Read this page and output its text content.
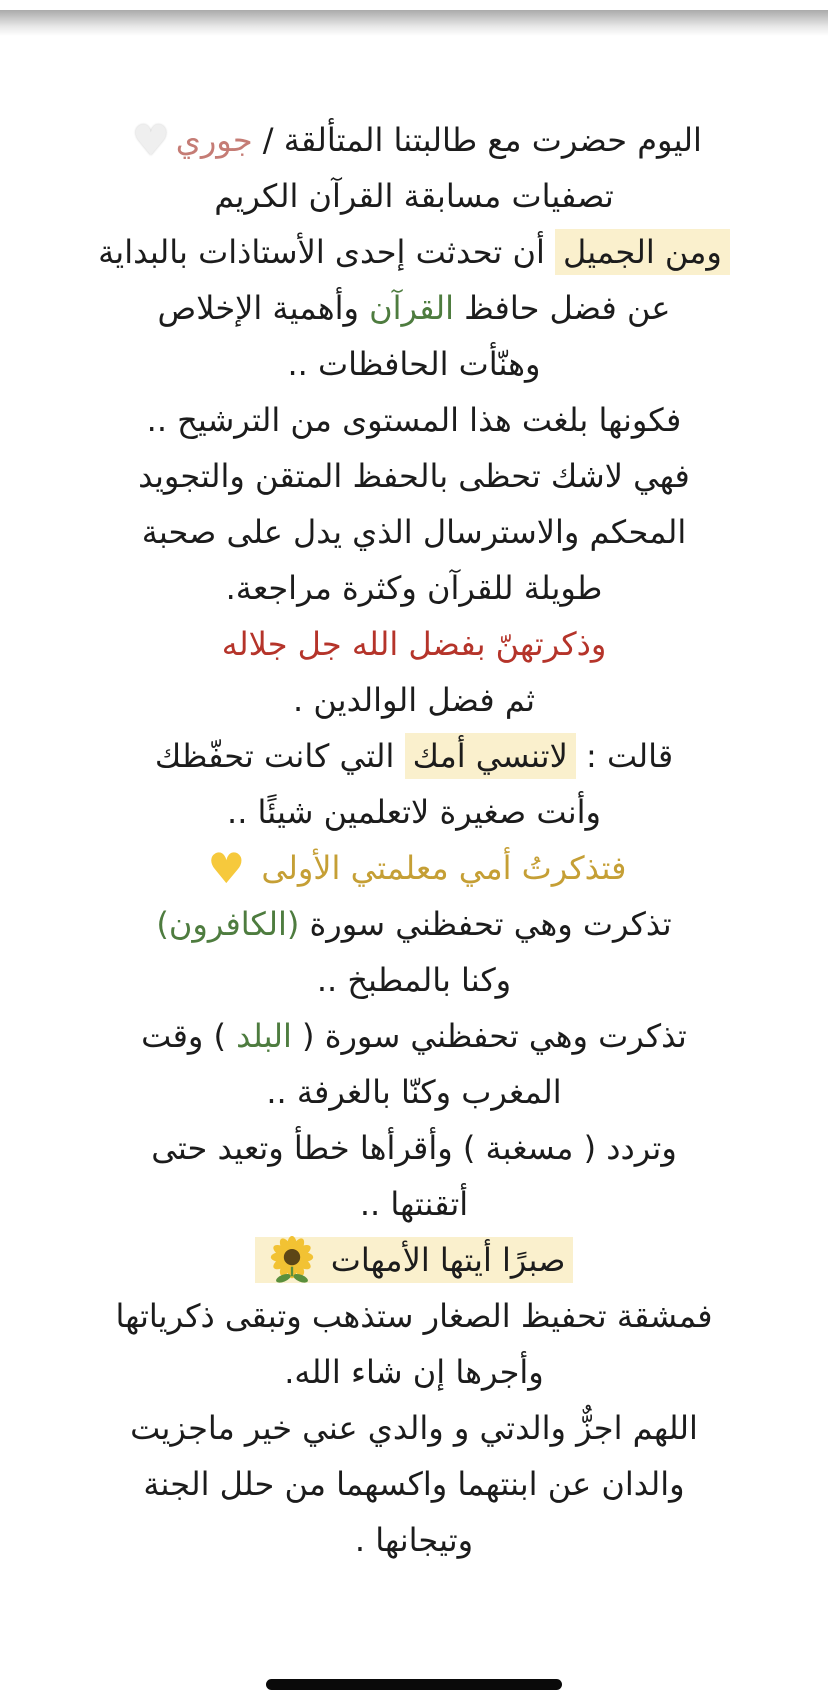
اليوم حضرت مع طالبتنا المتألقة / جوري♥
تصفيات مسابقة القرآن الكريم
ومن الجميل أن تحدثت إحدى الأستاذات بالبداية
عن فضل حافظ القرآن وأهمية الإخلاص
وهنّأت الحافظات ..
فكونها بلغت هذا المستوى من الترشيح ..
فهي لاشك تحظى بالحفظ المتقن والتجويد
المحكم والاسترسال الذي يدل على صحبة
طويلة للقرآن وكثرة مراجعة.
وذكرتهنّ بفضل الله جل جلاله
ثم فضل الوالدين .
قالت : لاتنسي أمك التي كانت تحفّظك
وأنت صغيرة لاتعلمين شيئًا ..
فتذكرتُ أمي معلمتي الأولى ♥
تذكرت وهي تحفظني سورة (الكافرون)
وكنا بالمطبخ ..
تذكرت وهي تحفظني سورة ( البلد ) وقت
المغرب وكنّا بالغرفة ..
وتردد ( مسغبة ) وأقرأها خطأ وتعيد حتى
أتقنتها ..
صبرًا أيتها الأمهات
فمشقة تحفيظ الصغار ستذهب وتبقى ذكرياتها
وأجرها إن شاء الله.
اللهم اجزٌّ والدتي و والدي عني خير ماجزيت
والدان عن ابنتهما واكسهما من حلل الجنة
وتيجانها .
